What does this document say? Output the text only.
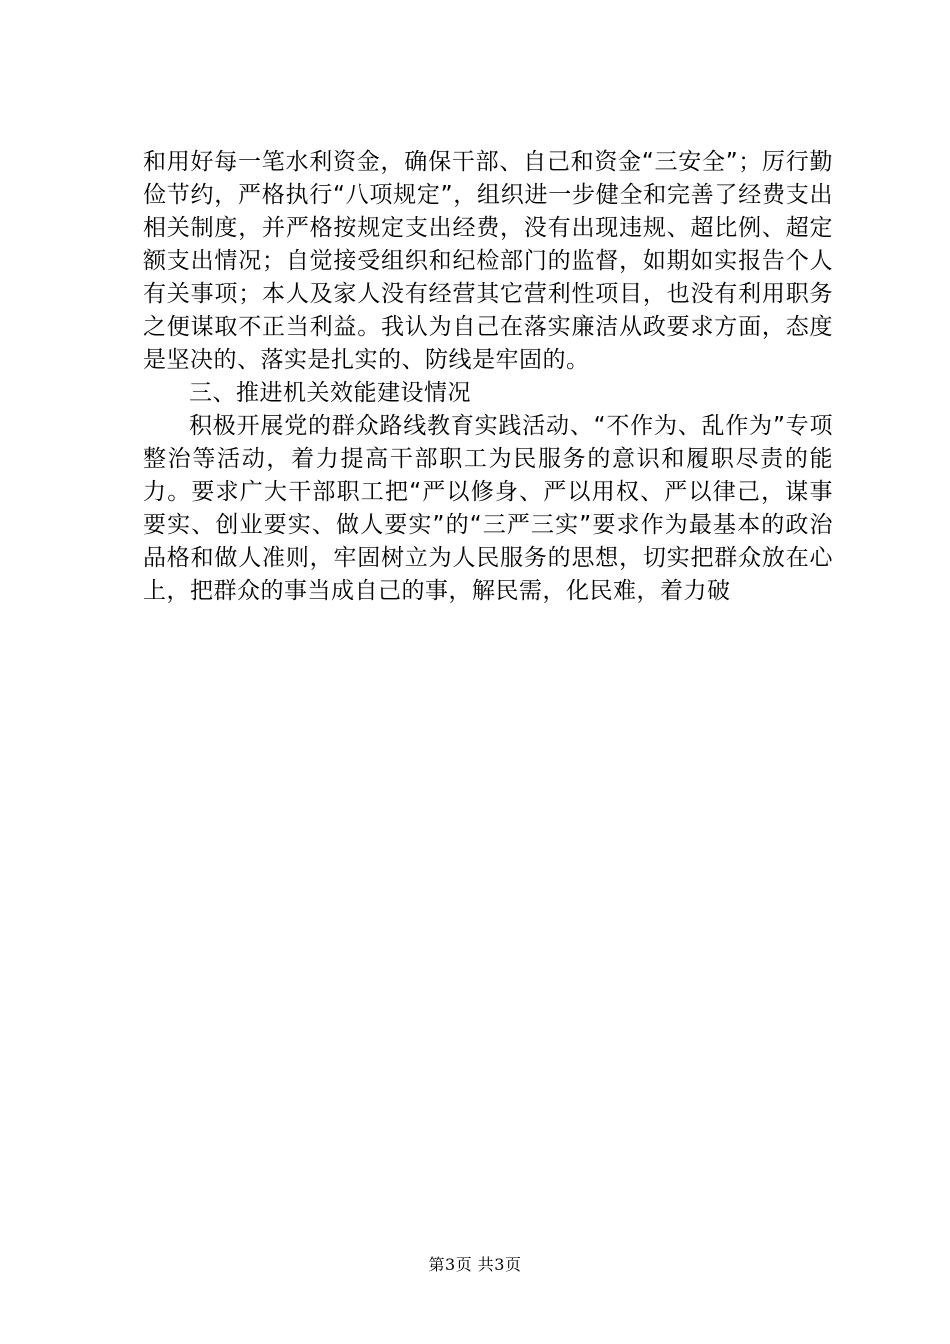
和用好每一笔水利资金，确保干部、自己和资金“三安全”；厉行勤俭节约，严格执行“八项规定”，组织进一步健全和完善了经费支出相关制度，并严格按规定支出经费，没有出现违规、超比例、超定额支出情况；自觉接受组织和纪检部门的监督，如期如实报告个人有关事项；本人及家人没有经营其它营利性项目，也没有利用职务之便谋取不正当利益。我认为自己在落实廉洁从政要求方面，态度是坚决的、落实是扎实的、防线是牢固的。

三、推进机关效能建设情况

积极开展党的群众路线教育实践活动、“不作为、乱作为”专项整治等活动，着力提高干部职工为民服务的意识和履职尽责的能力。要求广大干部职工把“严以修身、严以用权、严以律己，谋事要实、创业要实、做人要实”的“三严三实”要求作为最基本的政治品格和做人准则，牢固树立为人民服务的思想，切实把群众放在心上，把群众的事当成自己的事，解民需，化民难，着力破

第3页 共3页
